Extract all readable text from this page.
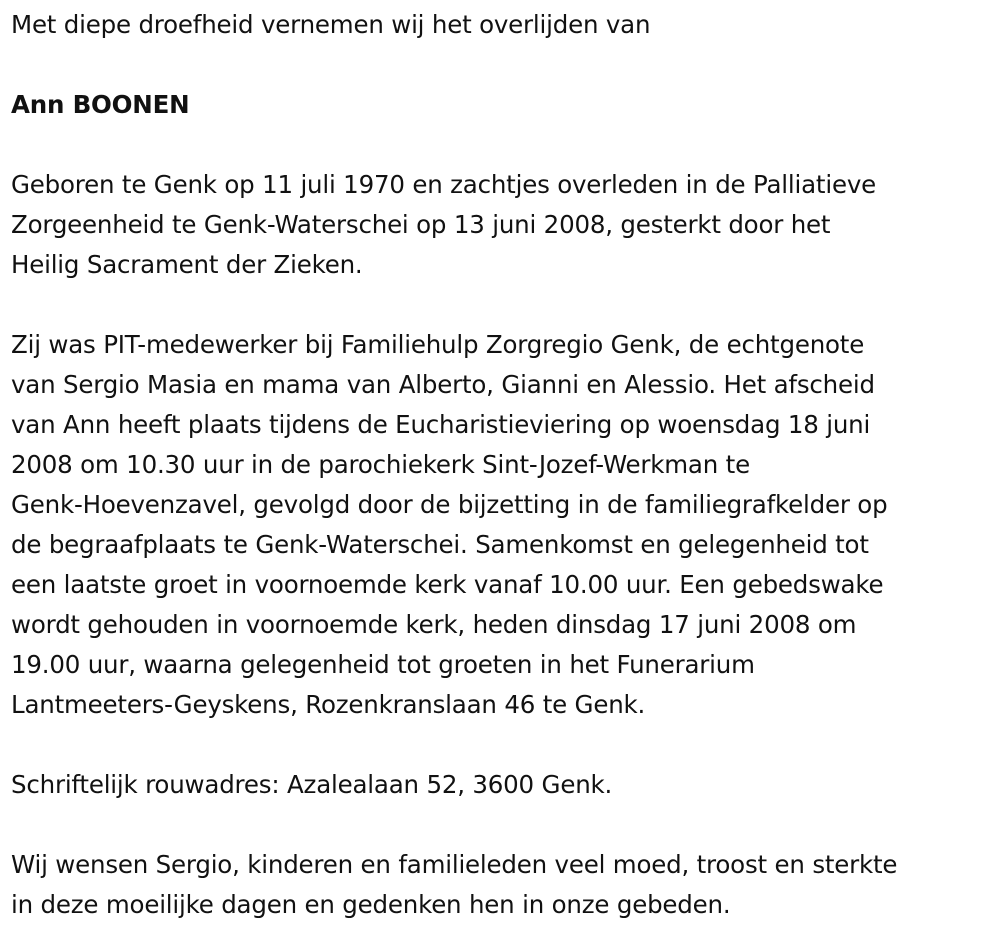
Met diepe droefheid vernemen wij het overlijden van

Ann BOONEN

Geboren te Genk op 11 juli 1970 en zachtjes overleden in de Palliatieve
Zorgeenheid te Genk-Waterschei op 13 juni 2008, gesterkt door het
Heilig Sacrament der Zieken.

Zij was PIT-medewerker bij Familiehulp Zorgregio Genk, de echtgenote
van Sergio Masia en mama van Alberto, Gianni en Alessio. Het afscheid
van Ann heeft plaats tijdens de Eucharistieviering op woensdag 18 juni
2008 om 10.30 uur in de parochiekerk Sint-Jozef-Werkman te
Genk-Hoevenzavel, gevolgd door de bijzetting in de familiegrafkelder op
de begraafplaats te Genk-Waterschei. Samenkomst en gelegenheid tot
een laatste groet in voornoemde kerk vanaf 10.00 uur. Een gebedswake
wordt gehouden in voornoemde kerk, heden dinsdag 17 juni 2008 om
19.00 uur, waarna gelegenheid tot groeten in het Funerarium
Lantmeeters-Geyskens, Rozenkranslaan 46 te Genk.

Schriftelijk rouwadres: Azalealaan 52, 3600 Genk.

Wij wensen Sergio, kinderen en familieleden veel moed, troost en sterkte
in deze moeilijke dagen en gedenken hen in onze gebeden.
